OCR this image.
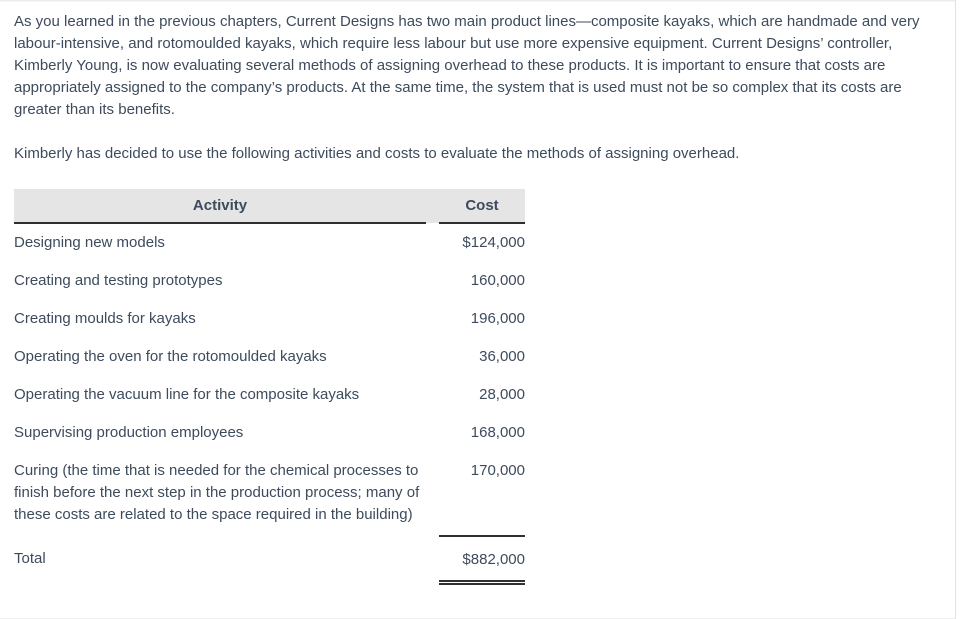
As you learned in the previous chapters, Current Designs has two main product lines—composite kayaks, which are handmade and very labour-intensive, and rotomoulded kayaks, which require less labour but use more expensive equipment. Current Designs’ controller, Kimberly Young, is now evaluating several methods of assigning overhead to these products. It is important to ensure that costs are appropriately assigned to the company’s products. At the same time, the system that is used must not be so complex that its costs are greater than its benefits.

Kimberly has decided to use the following activities and costs to evaluate the methods of assigning overhead.

Activity		Cost
Designing new models		$124,000
Creating and testing prototypes		160,000
Creating moulds for kayaks		196,000
Operating the oven for the rotomoulded kayaks		36,000
Operating the vacuum line for the composite kayaks		28,000
Supervising production employees		168,000
Curing (the time that is needed for the chemical processes to finish before the next step in the production process; many of these costs are related to the space required in the building)		170,000
Total		$882,000
